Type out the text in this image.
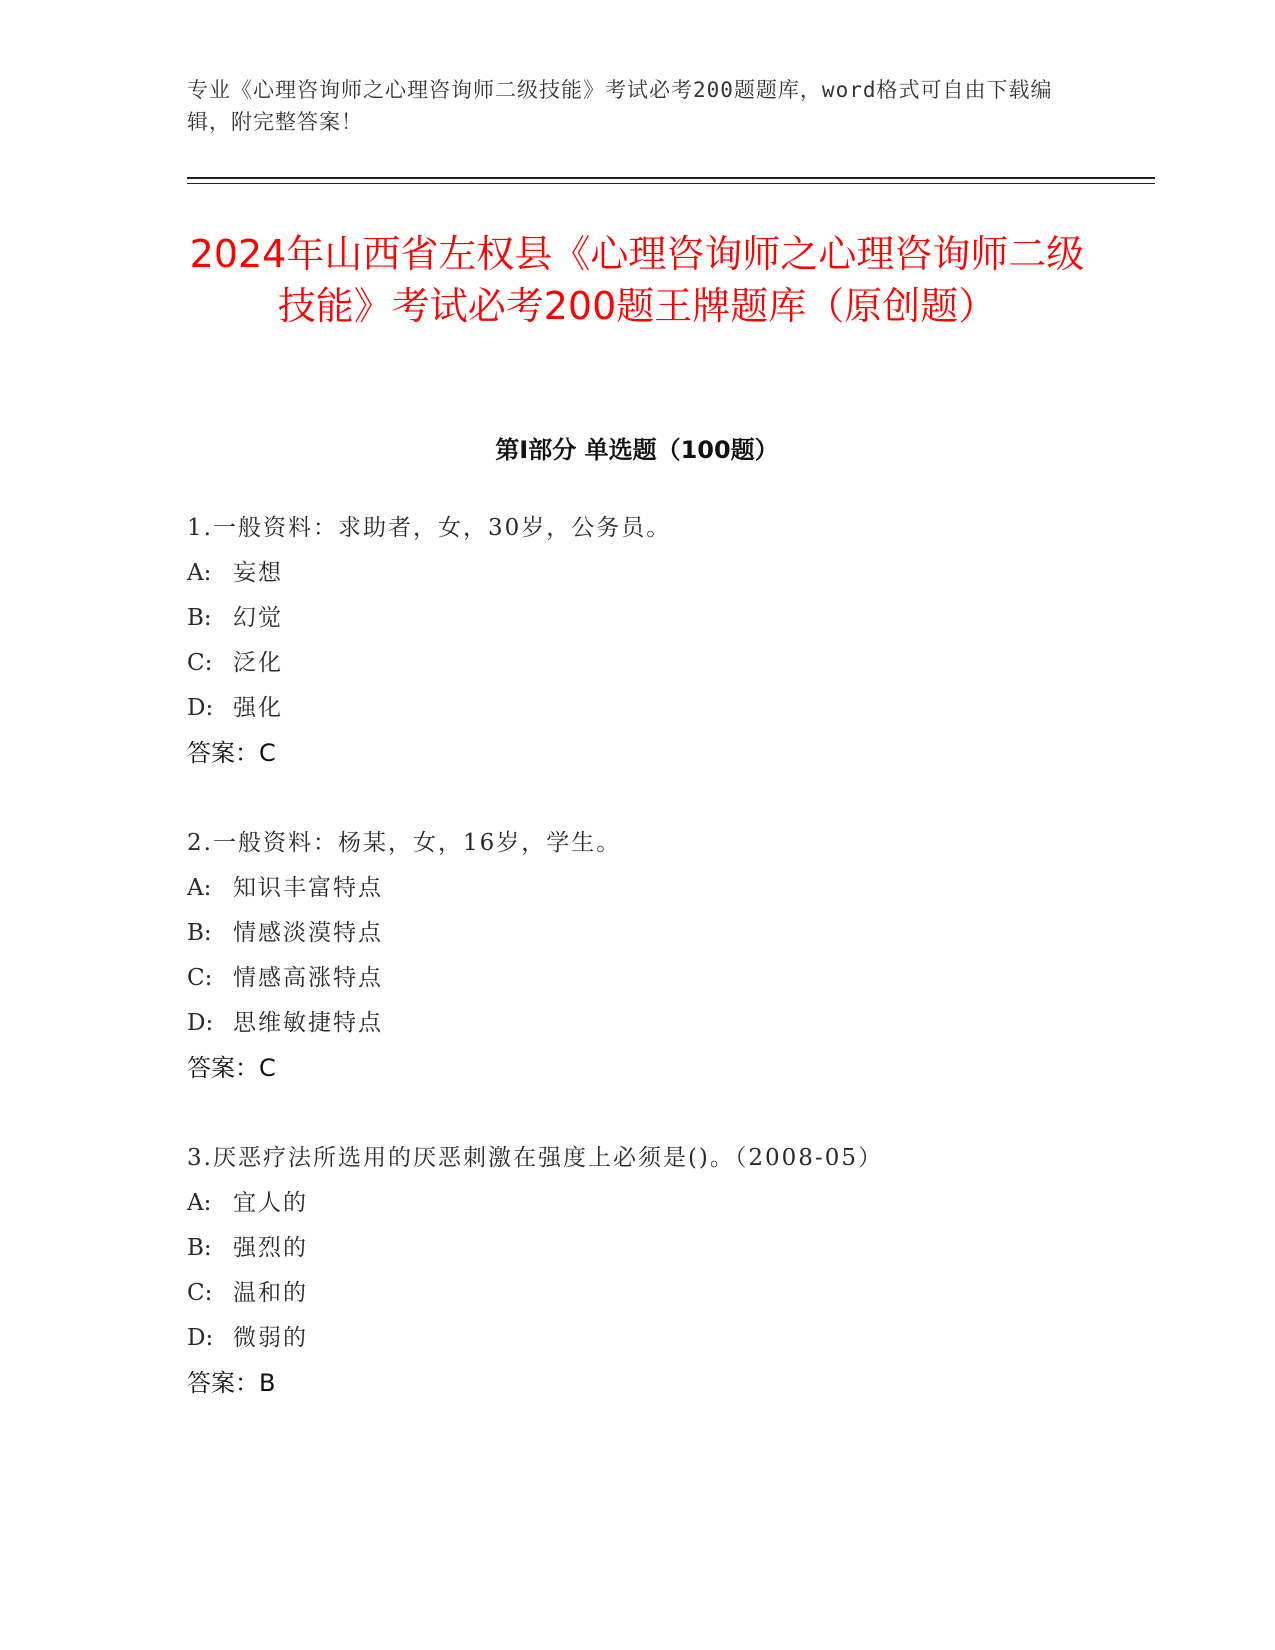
专业《心理咨询师之心理咨询师二级技能》考试必考200题题库，word格式可自由下载编辑，附完整答案！
2024年山西省左权县《心理咨询师之心理咨询师二级技能》考试必考200题王牌题库（原创题）
第Ⅰ部分 单选题（100题）
1.一般资料：求助者，女，30岁，公务员。
A: 妄想
B: 幻觉
C: 泛化
D: 强化
答案：C
2.一般资料：杨某，女，16岁，学生。
A: 知识丰富特点
B: 情感淡漠特点
C: 情感高涨特点
D: 思维敏捷特点
答案：C
3.厌恶疗法所选用的厌恶刺激在强度上必须是()。（2008-05）
A: 宜人的
B: 强烈的
C: 温和的
D: 微弱的
答案：B
